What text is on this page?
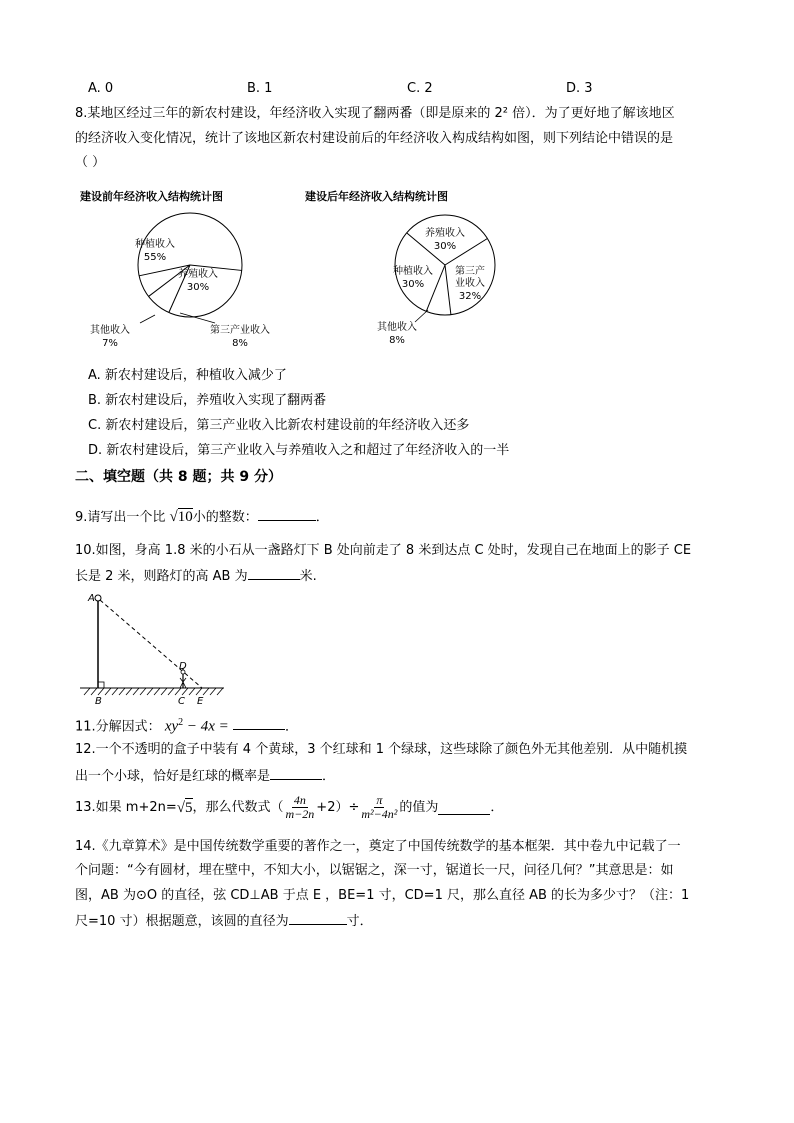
A. 0	B. 1	C. 2	D. 3
8.某地区经过三年的新农村建设，年经济收入实现了翻两番（即是原来的 2² 倍）．为了更好地了解该地区
的经济收入变化情况，统计了该地区新农村建设前后的年经济收入构成结构如图，则下列结论中错误的是
（ ）
建设前年经济收入结构统计图	建设后年经济收入结构统计图
种植收入
55%
养殖收入
30%
第三产业收入
8%
其他收入
7%
养殖收入
30%
第三产
业收入
32%
其他收入
8%
种植收入
30%
A. 新农村建设后，种植收入减少了
B. 新农村建设后，养殖收入实现了翻两番
C. 新农村建设后，第三产业收入比新农村建设前的年经济收入还多
D. 新农村建设后，第三产业收入与养殖收入之和超过了年经济收入的一半
二、填空题（共 8 题；共 9 分）
9.请写出一个比 √10小的整数：	．
10.如图，身高 1.8 米的小石从一盏路灯下 B 处向前走了 8 米到达点 C 处时，发现自己在地面上的影子 CE
长是 2 米，则路灯的高 AB 为	米.
A
B	C
D
E
11.分解因式： $xy^2 - 4x$ =	．
12.一个不透明的盒子中装有 4 个黄球，3 个红球和 1 个绿球，这些球除了颜色外无其他差别．从中随机摸
出一个小球，恰好是红球的概率是	．
13.如果 m+2n= √ 5 ，那么代数式（ $\frac{4n}{m-2n} +2)\div \frac{\pi}{\text{m²−4n²}}$ 的值为	．
14.《九章算术》是中国传统数学重要的著作之一，奠定了中国传统数学的基本框架．其中卷九中记载了一
个问题：“今有圆材，埋在壁中，不知大小，以锯锯之，深一寸，锯道长一尺，问径几何？”其意思是：如
图，AB 为⊙O 的直径，弦 CD⊥AB 于点 E ，BE=1 寸，CD=1 尺，那么直径 AB 的长为多少寸？（注：1
尺=10 寸）根据题意，该圆的直径为	寸．
